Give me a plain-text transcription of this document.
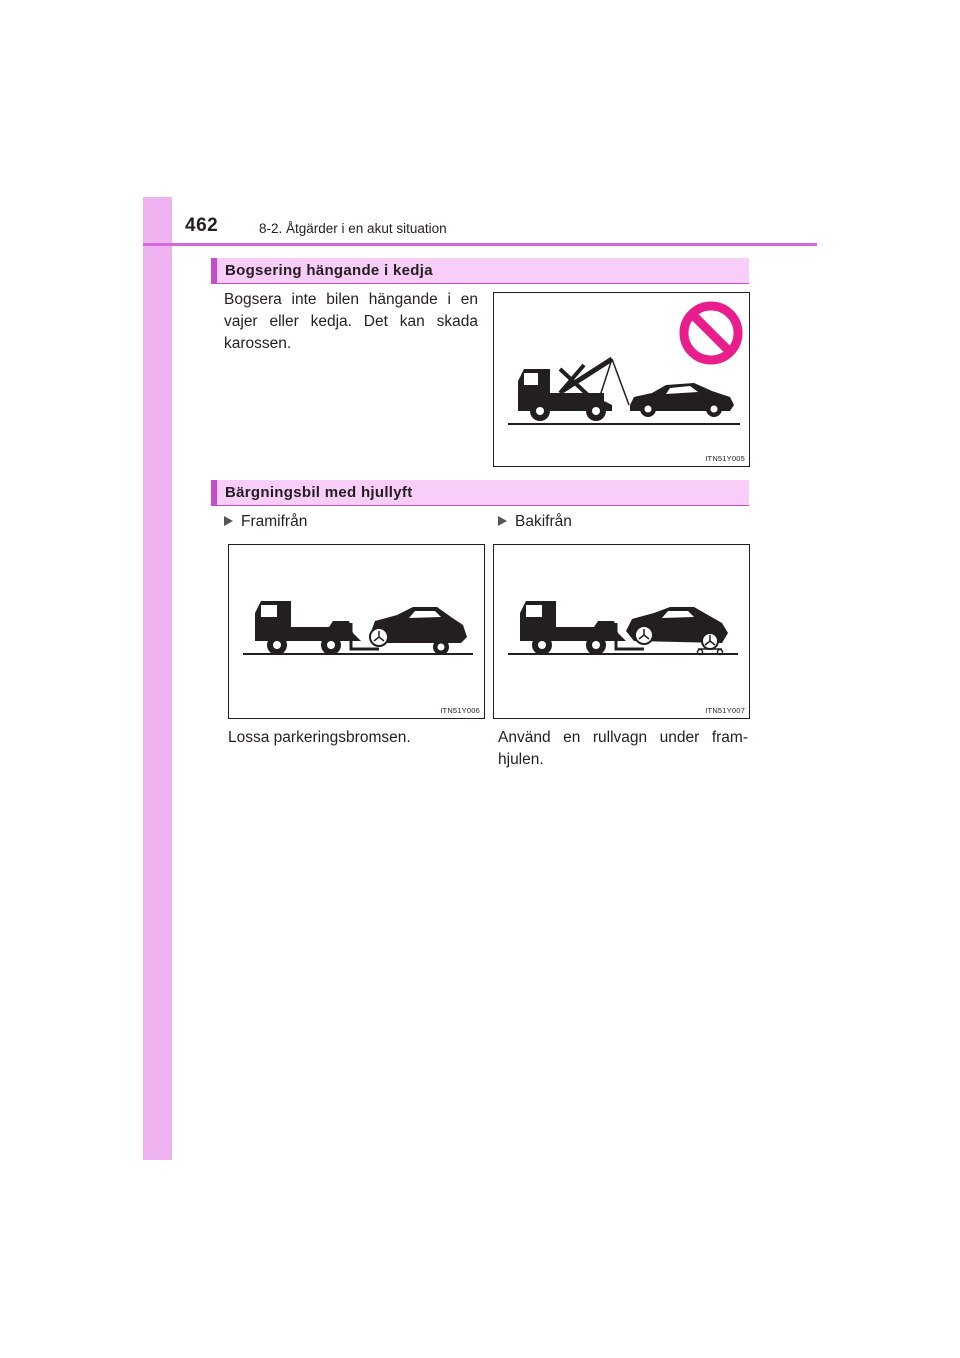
462	8-2. Åtgärder i en akut situation
Bogsering hängande i kedja
Bogsera inte bilen hängande i en vajer eller kedja. Det kan skada karossen.
ITN51Y005
Bärgningsbil med hjullyft
Framifrån	Bakifrån
ITN51Y006	ITN51Y007
Lossa parkeringsbromsen.	Använd en rullvagn under fram-hjulen.
